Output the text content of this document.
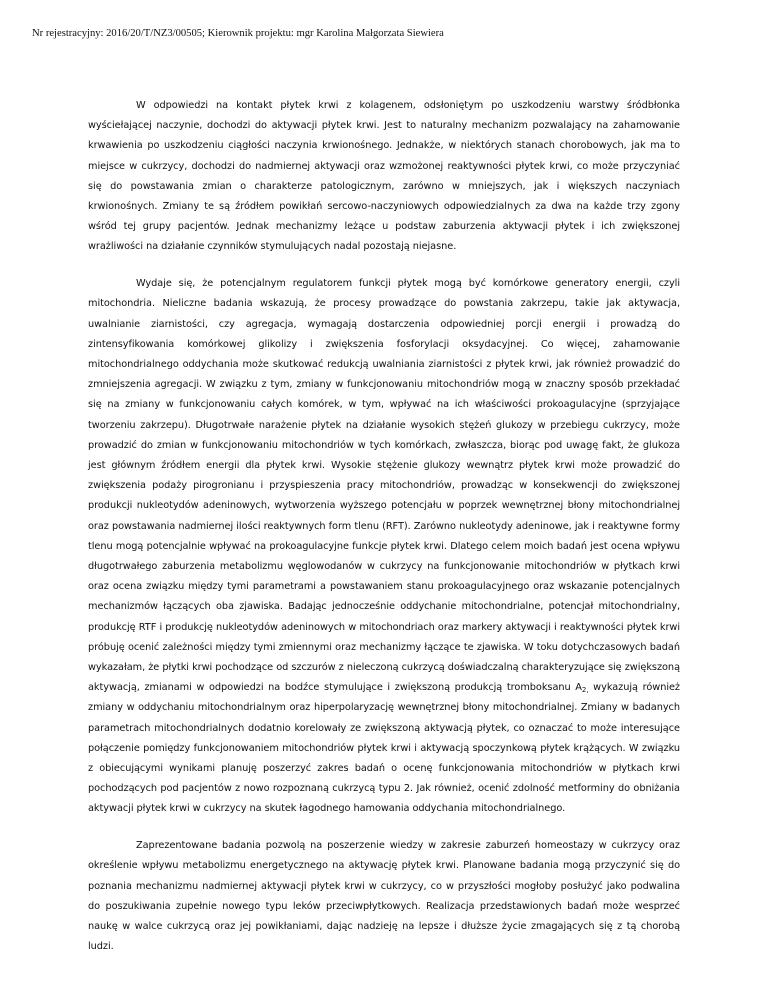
Nr rejestracyjny: 2016/20/T/NZ3/00505; Kierownik projektu: mgr Karolina Małgorzata Siewiera

W odpowiedzi na kontakt płytek krwi z kolagenem, odsłoniętym po uszkodzeniu warstwy śródbłonka wyściełającej naczynie, dochodzi do aktywacji płytek krwi. Jest to naturalny mechanizm pozwalający na zahamowanie krwawienia po uszkodzeniu ciągłości naczynia krwionośnego. Jednakże, w niektórych stanach chorobowych, jak ma to miejsce w cukrzycy, dochodzi do nadmiernej aktywacji oraz wzmożonej reaktywności płytek krwi, co może przyczyniać się do powstawania zmian o charakterze patologicznym, zarówno w mniejszych, jak i większych naczyniach krwionośnych. Zmiany te są źródłem powikłań sercowo-naczyniowych odpowiedzialnych za dwa na każde trzy zgony wśród tej grupy pacjentów. Jednak mechanizmy leżące u podstaw zaburzenia aktywacji płytek i ich zwiększonej wrażliwości na działanie czynników stymulujących nadal pozostają niejasne.

Wydaje się, że potencjalnym regulatorem funkcji płytek mogą być komórkowe generatory energii, czyli mitochondria. Nieliczne badania wskazują, że procesy prowadzące do powstania zakrzepu, takie jak aktywacja, uwalnianie ziarnistości, czy agregacja, wymagają dostarczenia odpowiedniej porcji energii i prowadzą do zintensyfikowania komórkowej glikolizy i zwiększenia fosforylacji oksydacyjnej. Co więcej, zahamowanie mitochondrialnego oddychania może skutkować redukcją uwalniania ziarnistości z płytek krwi, jak również prowadzić do zmniejszenia agregacji. W związku z tym, zmiany w funkcjonowaniu mitochondriów mogą w znaczny sposób przekładać się na zmiany w funkcjonowaniu całych komórek, w tym, wpływać na ich właściwości prokoagulacyjne (sprzyjające tworzeniu zakrzepu). Długotrwałe narażenie płytek na działanie wysokich stężeń glukozy w przebiegu cukrzycy, może prowadzić do zmian w funkcjonowaniu mitochondriów w tych komórkach, zwłaszcza, biorąc pod uwagę fakt, że glukoza jest głównym źródłem energii dla płytek krwi. Wysokie stężenie glukozy wewnątrz płytek krwi może prowadzić do zwiększenia podaży pirogronianu i przyspieszenia pracy mitochondriów, prowadząc w konsekwencji do zwiększonej produkcji nukleotydów adeninowych, wytworzenia wyższego potencjału w poprzek wewnętrznej błony mitochondrialnej oraz powstawania nadmiernej ilości reaktywnych form tlenu (RFT). Zarówno nukleotydy adeninowe, jak i reaktywne formy tlenu mogą potencjalnie wpływać na prokoagulacyjne funkcje płytek krwi. Dlatego celem moich badań jest ocena wpływu długotrwałego zaburzenia metabolizmu węglowodanów w cukrzycy na funkcjonowanie mitochondriów w płytkach krwi oraz ocena związku między tymi parametrami a powstawaniem stanu prokoagulacyjnego oraz wskazanie potencjalnych mechanizmów łączących oba zjawiska. Badając jednocześnie oddychanie mitochondrialne, potencjał mitochondrialny, produkcję RTF i produkcję nukleotydów adeninowych w mitochondriach oraz markery aktywacji i reaktywności płytek krwi próbuję ocenić zależności między tymi zmiennymi oraz mechanizmy łączące te zjawiska. W toku dotychczasowych badań wykazałam, że płytki krwi pochodzące od szczurów z nieleczoną cukrzycą doświadczalną charakteryzujące się zwiększoną aktywacją, zmianami w odpowiedzi na bodźce stymulujące i zwiększoną produkcją tromboksanu $A_{2,}$ wykazują również zmiany w oddychaniu mitochondrialnym oraz hiperpolaryzację wewnętrznej błony mitochondrialnej. Zmiany w badanych parametrach mitochondrialnych dodatnio korelowały ze zwiększoną aktywacją płytek, co oznaczać to może interesujące połączenie pomiędzy funkcjonowaniem mitochondriów płytek krwi i aktywacją spoczynkową płytek krążących. W związku z obiecującymi wynikami planuję poszerzyć zakres badań o ocenę funkcjonowania mitochondriów w płytkach krwi pochodzących pod pacjentów z nowo rozpoznaną cukrzycą typu 2. Jak również, ocenić zdolność metforminy do obniżania aktywacji płytek krwi w cukrzycy na skutek łagodnego hamowania oddychania mitochondrialnego.

Zaprezentowane badania pozwolą na poszerzenie wiedzy w zakresie zaburzeń homeostazy w cukrzycy oraz określenie wpływu metabolizmu energetycznego na aktywację płytek krwi. Planowane badania mogą przyczynić się do poznania mechanizmu nadmiernej aktywacji płytek krwi w cukrzycy, co w przyszłości mogłoby posłużyć jako podwalina do poszukiwania zupełnie nowego typu leków przeciwpłytkowych. Realizacja przedstawionych badań może wesprzeć naukę w walce cukrzycą oraz jej powikłaniami, dając nadzieję na lepsze i dłuższe życie zmagających się z tą chorobą ludzi.
